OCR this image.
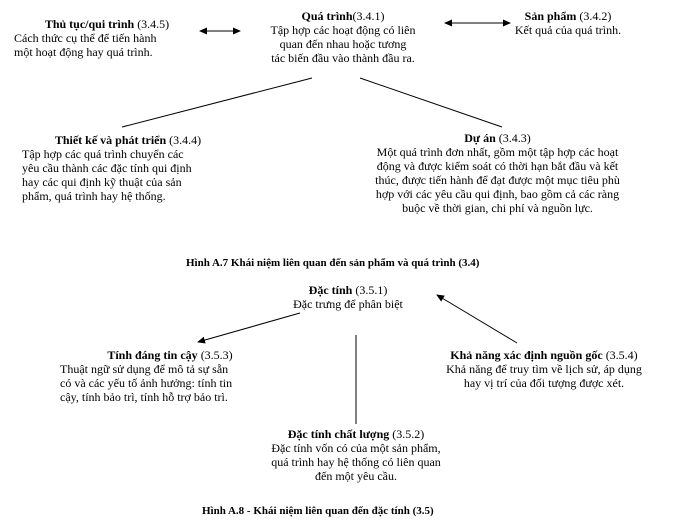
Thủ tục/qui trình (3.4.5)
Cách thức cụ thể để tiến hành
một hoạt động hay quá trình.
Quá trình(3.4.1)
Tập hợp các hoạt động có liên
quan đến nhau hoặc tương
tác biến đầu vào thành đầu ra.
Sản phẩm (3.4.2)
Kết quả của quá trình.
Thiết kế và phát triển (3.4.4)
Tập hợp các quá trình chuyển các
yêu cầu thành các đặc tính qui định
hay các qui định kỹ thuật của sản
phẩm, quá trình hay hệ thống.
Dự án (3.4.3)
Một quá trình đơn nhất, gồm một tập hợp các hoạt
động và được kiểm soát có thời hạn bắt đầu và kết
thúc, được tiến hành để đạt được một mục tiêu phù
hợp với các yêu cầu qui định, bao gồm cả các ràng
buộc về thời gian, chi phí và nguồn lực.
Hình A.7 Khái niệm liên quan đến sản phẩm và quá trình (3.4)
Đặc tính (3.5.1)
Đặc trưng để phân biệt
Tính đáng tin cậy (3.5.3)
Thuật ngữ sử dụng để mô tả sự sẵn
có và các yếu tố ảnh hưởng: tính tin
cậy, tính bảo trì, tính hỗ trợ bảo trì.
Khả năng xác định nguồn gốc (3.5.4)
Khả năng để truy tìm về lịch sử, áp dụng
hay vị trí của đối tượng được xét.
Đặc tính chất lượng (3.5.2)
Đặc tính vốn có của một sản phẩm,
quá trình hay hệ thống có liên quan
đến một yêu cầu.
Hình A.8 - Khái niệm liên quan đến đặc tính (3.5)
